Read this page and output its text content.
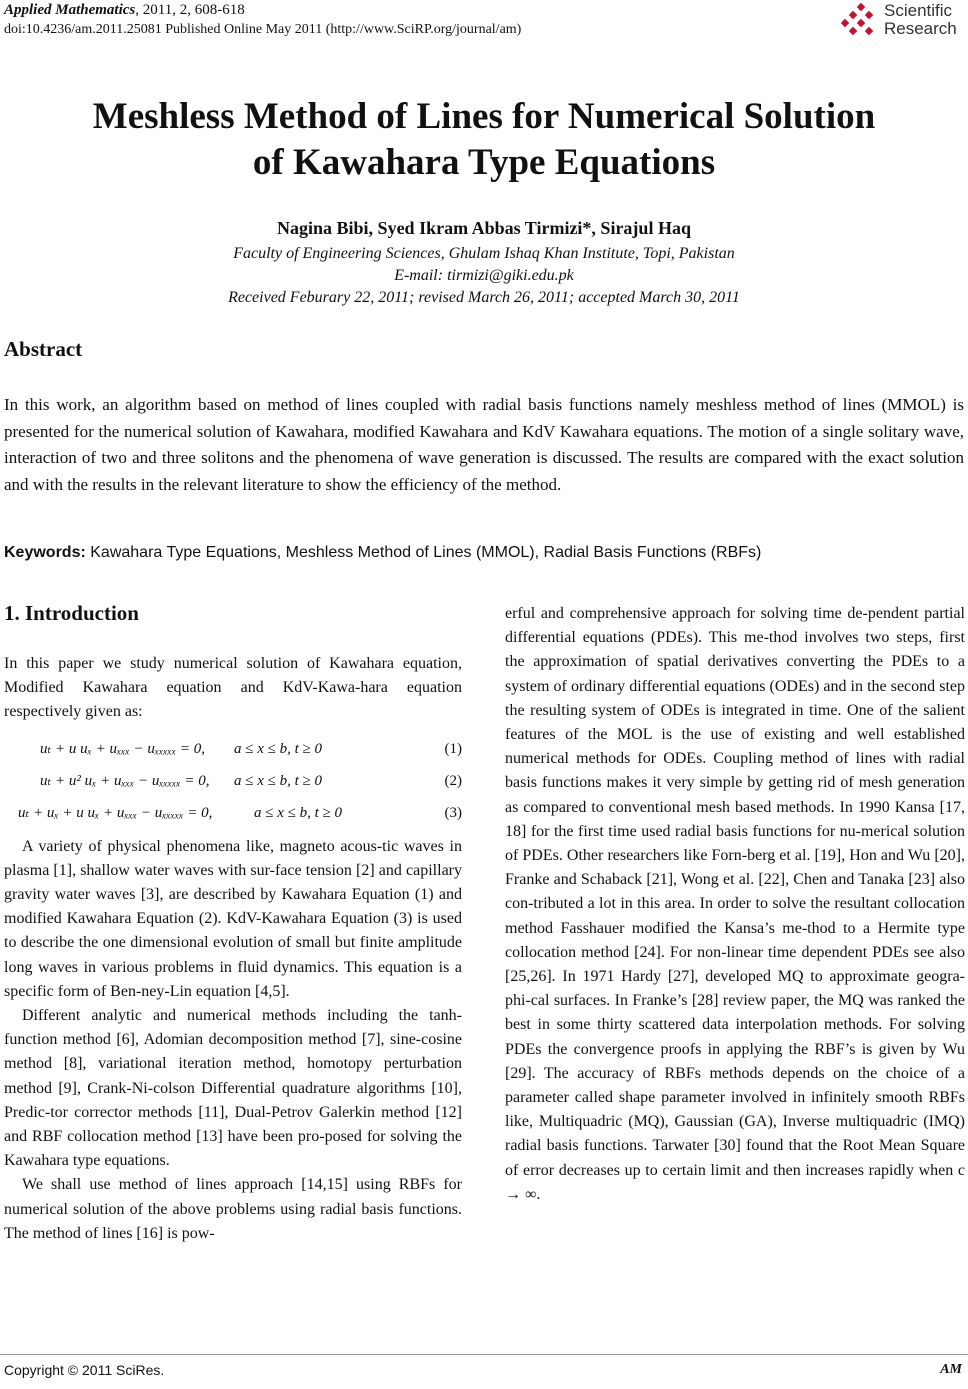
Applied Mathematics, 2011, 2, 608-618
doi:10.4236/am.2011.25081 Published Online May 2011 (http://www.SciRP.org/journal/am)
Scientific
Research
Meshless Method of Lines for Numerical Solution
of Kawahara Type Equations
Nagina Bibi, Syed Ikram Abbas Tirmizi*, Sirajul Haq
Faculty of Engineering Sciences, Ghulam Ishaq Khan Institute, Topi, Pakistan
E-mail: tirmizi@giki.edu.pk
Received Feburary 22, 2011; revised March 26, 2011; accepted March 30, 2011
Abstract
In this work, an algorithm based on method of lines coupled with radial basis functions namely meshless method of lines (MMOL) is presented for the numerical solution of Kawahara, modified Kawahara and KdV Kawahara equations. The motion of a single solitary wave, interaction of two and three solitons and the phenomena of wave generation is discussed. The results are compared with the exact solution and with the results in the relevant literature to show the efficiency of the method.
Keywords: Kawahara Type Equations, Meshless Method of Lines (MMOL), Radial Basis Functions (RBFs)
1. Introduction

In this paper we study numerical solution of Kawahara equation, Modified Kawahara equation and KdV-Kawa-hara equation respectively given as:

uₜ + u uₓ + uₓₓₓ − uₓₓₓₓₓ = 0, a ≤ x ≤ b, t ≥ 0	(1)
uₜ + u² uₓ + uₓₓₓ − uₓₓₓₓₓ = 0, a ≤ x ≤ b, t ≥ 0	(2)
uₜ + uₓ + u uₓ + uₓₓₓ − uₓₓₓₓₓ = 0,	a ≤ x ≤ b, t ≥ 0	(3)

A variety of physical phenomena like, magneto acous-tic waves in plasma [1], shallow water waves with sur-face tension [2] and capillary gravity water waves [3], are described by Kawahara Equation (1) and modified Kawahara Equation (2). KdV-Kawahara Equation (3) is used to describe the one dimensional evolution of small but finite amplitude long waves in various problems in fluid dynamics. This equation is a specific form of Ben-ney-Lin equation [4,5].

Different analytic and numerical methods including the tanh-function method [6], Adomian decomposition method [7], sine-cosine method [8], variational iteration method, homotopy perturbation method [9], Crank-Ni-colson Differential quadrature algorithms [10], Predic-tor corrector methods [11], Dual-Petrov Galerkin method [12] and RBF collocation method [13] have been pro-posed for solving the Kawahara type equations.

We shall use method of lines approach [14,15] using RBFs for numerical solution of the above problems using radial basis functions. The method of lines [16] is pow-

erful and comprehensive approach for solving time de-pendent partial differential equations (PDEs). This me-thod involves two steps, first the approximation of spatial derivatives converting the PDEs to a system of ordinary differential equations (ODEs) and in the second step the resulting system of ODEs is integrated in time. One of the salient features of the MOL is the use of existing and well established numerical methods for ODEs. Coupling method of lines with radial basis functions makes it very simple by getting rid of mesh generation as compared to conventional mesh based methods. In 1990 Kansa [17, 18] for the first time used radial basis functions for nu-merical solution of PDEs. Other researchers like Forn-berg et al. [19], Hon and Wu [20], Franke and Schaback [21], Wong et al. [22], Chen and Tanaka [23] also con-tributed a lot in this area. In order to solve the resultant collocation method Fasshauer modified the Kansa’s me-thod to a Hermite type collocation method [24]. For non-linear time dependent PDEs see also [25,26]. In 1971 Hardy [27], developed MQ to approximate geogra- phi-cal surfaces. In Franke’s [28] review paper, the MQ was ranked the best in some thirty scattered data interpolation methods. For solving PDEs the convergence proofs in applying the RBF’s is given by Wu [29]. The accuracy of RBFs methods depends on the choice of a parameter called shape parameter involved in infinitely smooth RBFs like, Multiquadric (MQ), Gaussian (GA), Inverse multiquadric (IMQ) radial basis functions. Tarwater [30] found that the Root Mean Square of error decreases up to certain limit and then increases rapidly when c → ∞.

Copyright © 2011 SciRes.	AM
